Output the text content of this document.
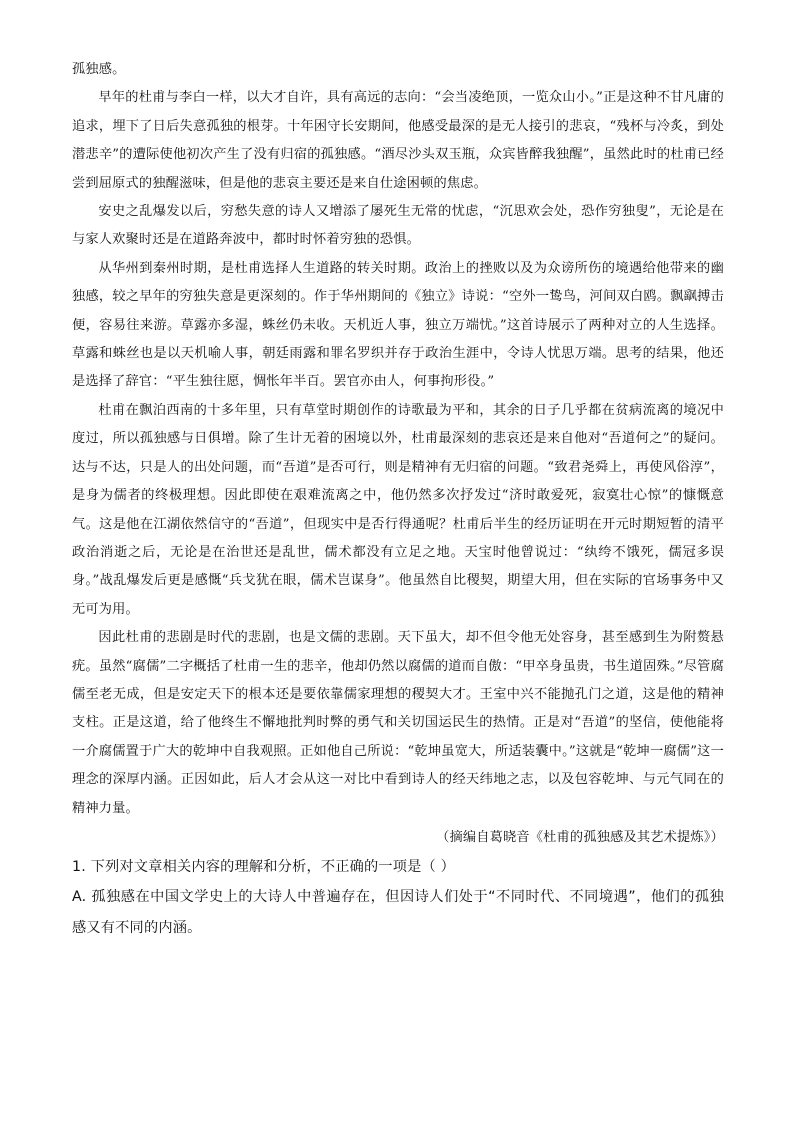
孤独感。

早年的杜甫与李白一样，以大才自许，具有高远的志向：“会当凌绝顶，一览众山小。”正是这种不甘凡庸的追求，埋下了日后失意孤独的根芽。十年困守长安期间，他感受最深的是无人接引的悲哀，“残杯与冷炙，到处潜悲辛”的遭际使他初次产生了没有归宿的孤独感。“酒尽沙头双玉瓶，众宾皆醉我独醒”，虽然此时的杜甫已经尝到屈原式的独醒滋味，但是他的悲哀主要还是来自仕途困顿的焦虑。

安史之乱爆发以后，穷愁失意的诗人又增添了屡死生无常的忧虑，“沉思欢会处，恐作穷独叟”，无论是在与家人欢聚时还是在道路奔波中，都时时怀着穷独的恐惧。

从华州到秦州时期，是杜甫选择人生道路的转关时期。政治上的挫败以及为众谤所伤的境遇给他带来的幽独感，较之早年的穷独失意是更深刻的。作于华州期间的《独立》诗说：“空外一鸷鸟，河间双白鸥。飘飖搏击便，容易往来游。草露亦多湿，蛛丝仍未收。天机近人事，独立万端忧。”这首诗展示了两种对立的人生选择。草露和蛛丝也是以天机喻人事，朝廷雨露和罪名罗织并存于政治生涯中，令诗人忧思万端。思考的结果，他还是选择了辞官：“平生独往愿，惆怅年半百。罢官亦由人，何事拘形役。”

杜甫在飘泊西南的十多年里，只有草堂时期创作的诗歌最为平和，其余的日子几乎都在贫病流离的境况中度过，所以孤独感与日俱增。除了生计无着的困境以外，杜甫最深刻的悲哀还是来自他对“吾道何之”的疑问。达与不达，只是人的出处问题，而“吾道”是否可行，则是精神有无归宿的问题。“致君尧舜上，再使风俗淳”，是身为儒者的终极理想。因此即使在艰难流离之中，他仍然多次抒发过“济时敢爱死，寂寞壮心惊”的慷慨意气。这是他在江湖依然信守的“吾道”，但现实中是否行得通呢？杜甫后半生的经历证明在开元时期短暂的清平政治消逝之后，无论是在治世还是乱世，儒术都没有立足之地。天宝时他曾说过：“纨绔不饿死，儒冠多误身。”战乱爆发后更是感慨“兵戈犹在眼，儒术岂谋身”。他虽然自比稷契，期望大用，但在实际的官场事务中又无可为用。

因此杜甫的悲剧是时代的悲剧，也是文儒的悲剧。天下虽大，却不但令他无处容身，甚至感到生为附赘悬疣。虽然“腐儒”二字概括了杜甫一生的悲辛，他却仍然以腐儒的道而自傲：“甲卒身虽贵，书生道固殊。”尽管腐儒至老无成，但是安定天下的根本还是要依靠儒家理想的稷契大才。王室中兴不能抛孔门之道，这是他的精神支柱。正是这道，给了他终生不懈地批判时弊的勇气和关切国运民生的热情。正是对“吾道”的坚信，使他能将一介腐儒置于广大的乾坤中自我观照。正如他自己所说：“乾坤虽宽大，所适装囊中。”这就是“乾坤一腐儒”这一理念的深厚内涵。正因如此，后人才会从这一对比中看到诗人的经天纬地之志，以及包容乾坤、与元气同在的精神力量。

（摘编自葛晓音《杜甫的孤独感及其艺术提炼》）

1. 下列对文章相关内容的理解和分析，不正确的一项是（ ）

A. 孤独感在中国文学史上的大诗人中普遍存在，但因诗人们处于“不同时代、不同境遇”，他们的孤独感又有不同的内涵。
